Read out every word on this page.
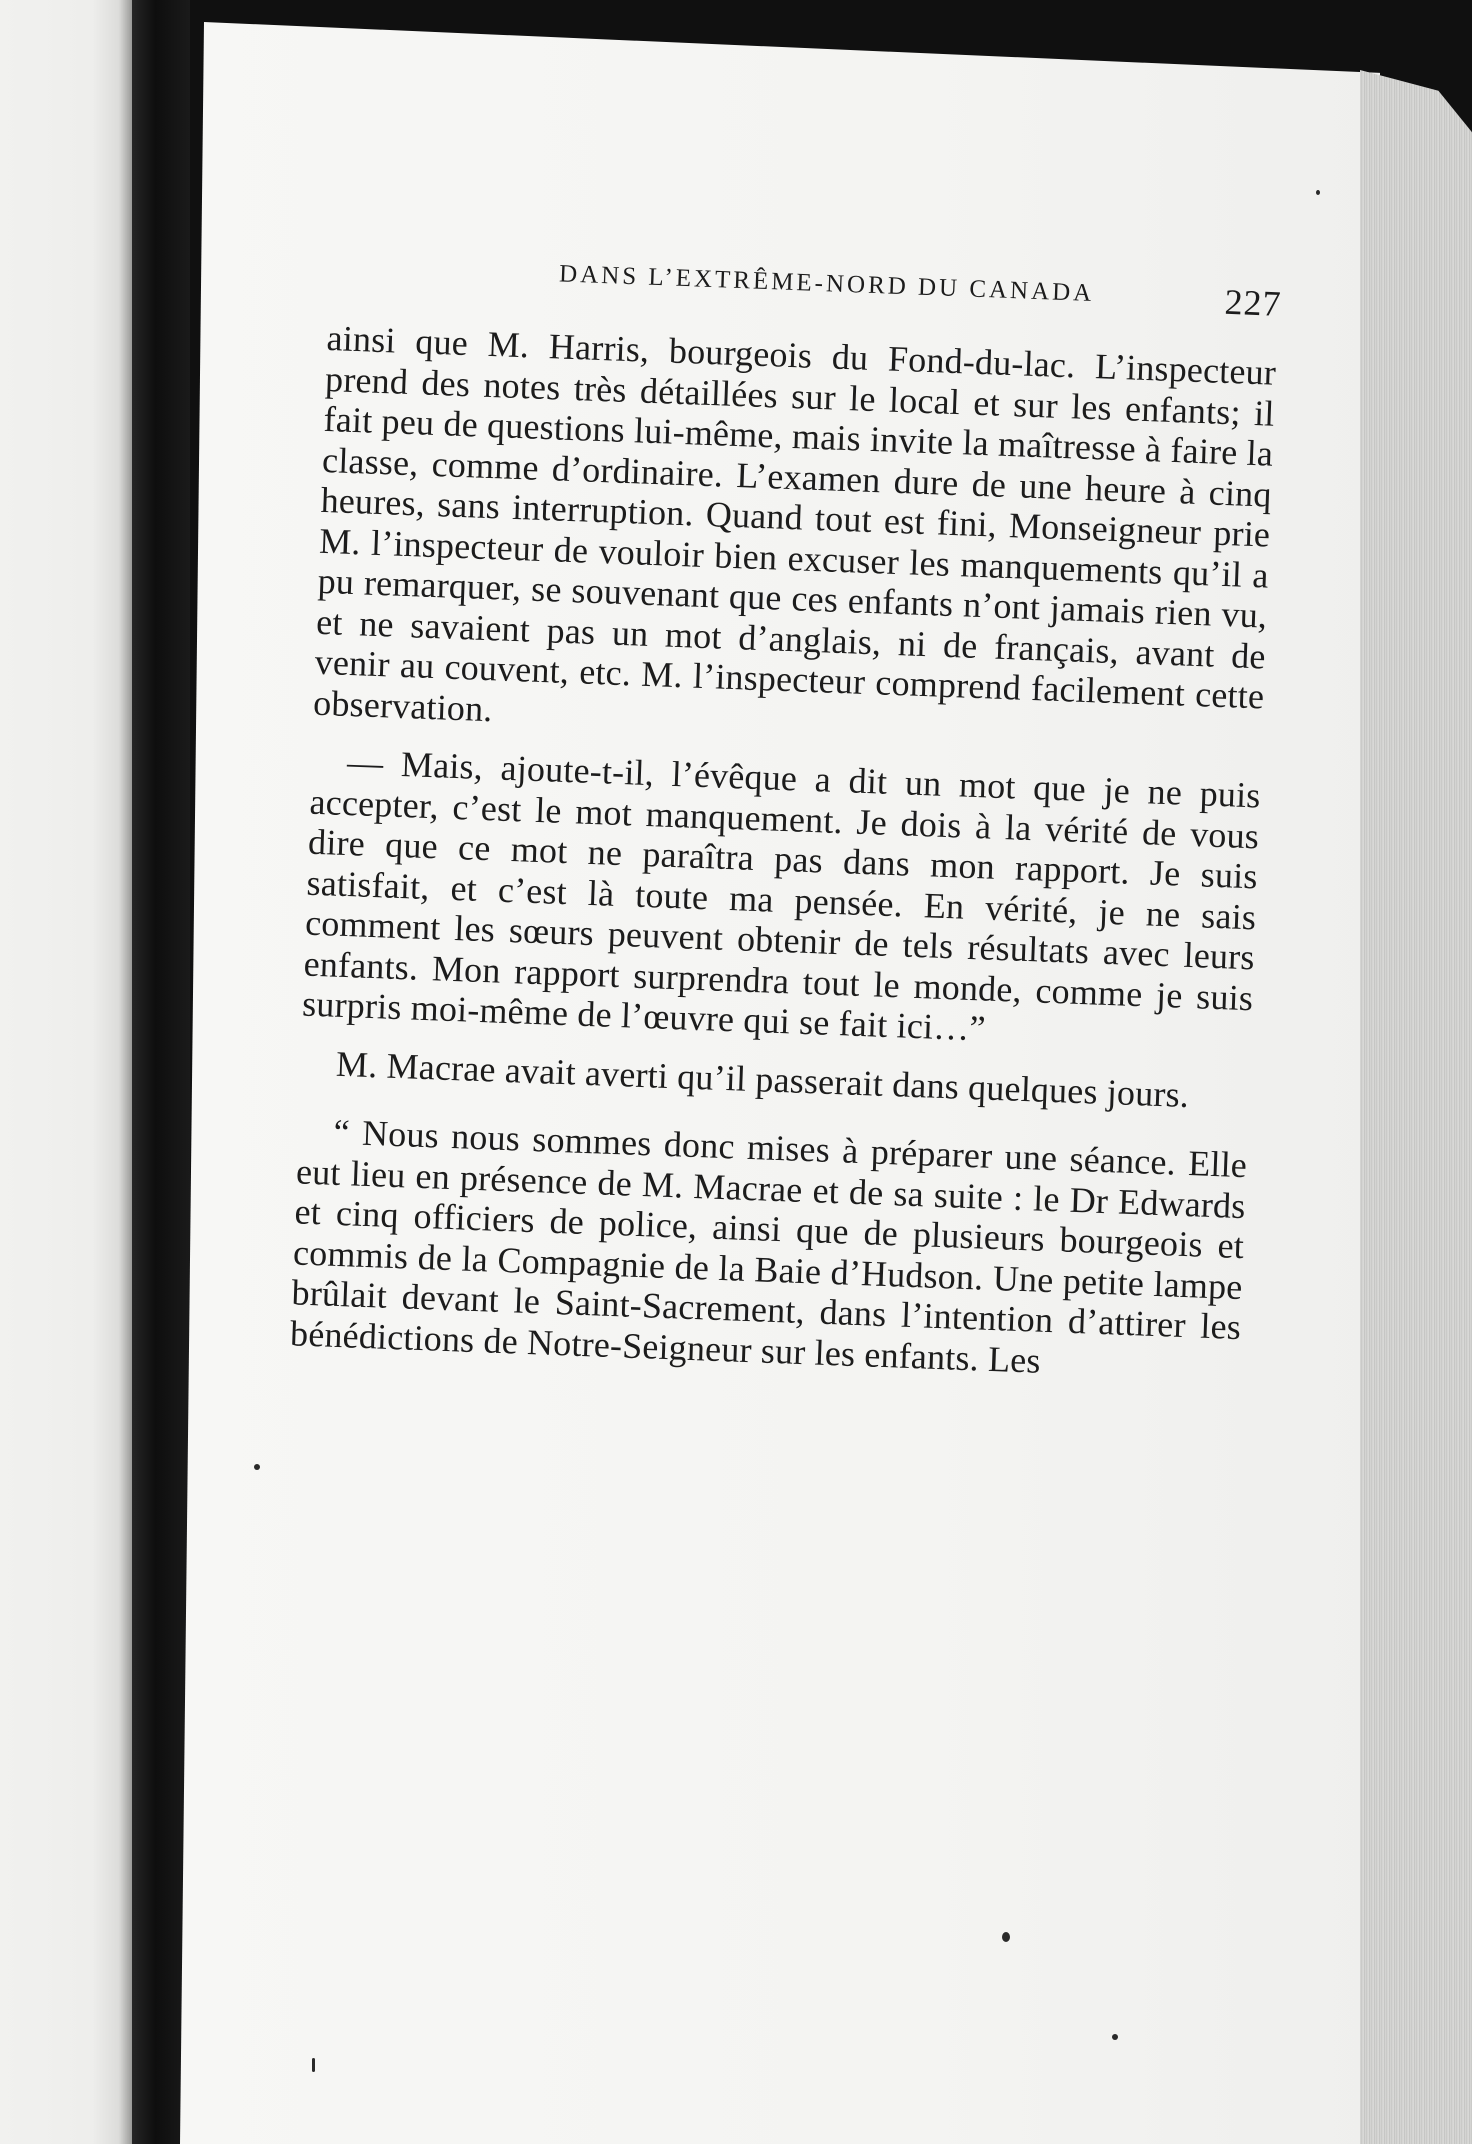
DANS L’EXTRÊME-NORD DU CANADA	227

ainsi que M. Harris, bourgeois du Fond-du-lac. L’inspecteur prend des notes très détaillées sur le local et sur les enfants; il fait peu de questions lui-même, mais invite la maîtresse à faire la classe, comme d’ordinaire. L’examen dure de une heure à cinq heures, sans interruption. Quand tout est fini, Monseigneur prie M. l’inspecteur de vouloir bien excuser les manquements qu’il a pu remarquer, se souvenant que ces enfants n’ont jamais rien vu, et ne savaient pas un mot d’anglais, ni de français, avant de venir au couvent, etc. M. l’inspecteur comprend facilement cette observation.

— Mais, ajoute-t-il, l’évêque a dit un mot que je ne puis accepter, c’est le mot manquement. Je dois à la vérité de vous dire que ce mot ne paraîtra pas dans mon rapport. Je suis satisfait, et c’est là toute ma pensée. En vérité, je ne sais comment les sœurs peuvent obtenir de tels résultats avec leurs enfants. Mon rapport surprendra tout le monde, comme je suis surpris moi-même de l’œuvre qui se fait ici…”

M. Macrae avait averti qu’il passerait dans quelques jours.

“ Nous nous sommes donc mises à préparer une séance. Elle eut lieu en présence de M. Macrae et de sa suite : le Dr Edwards et cinq officiers de police, ainsi que de plusieurs bourgeois et commis de la Compagnie de la Baie d’Hudson. Une petite lampe brûlait devant le Saint-Sacrement, dans l’intention d’attirer les bénédictions de Notre-Seigneur sur les enfants. Les
